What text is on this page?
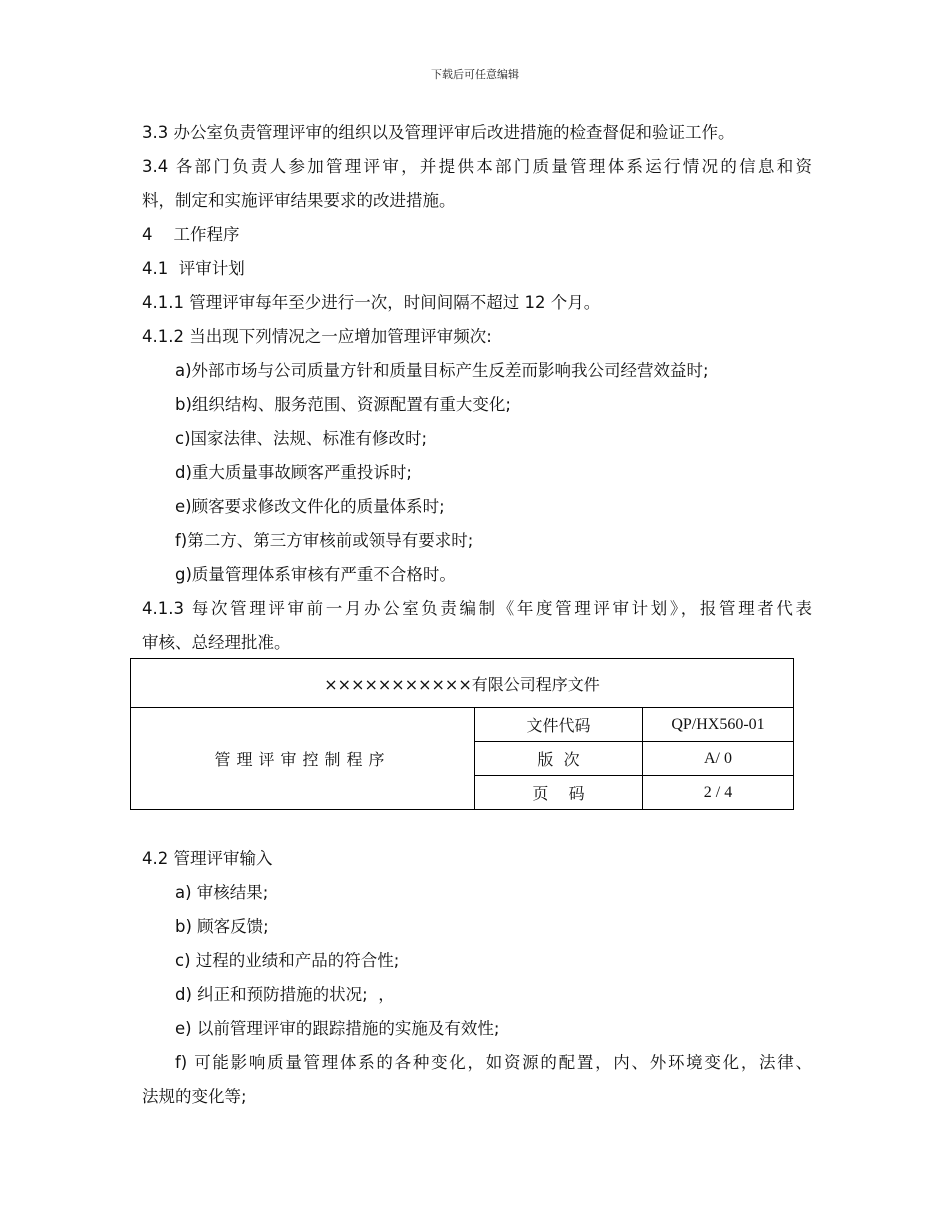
下载后可任意编辑
3.3 办公室负责管理评审的组织以及管理评审后改进措施的检查督促和验证工作。
3.4 各部门负责人参加管理评审，并提供本部门质量管理体系运行情况的信息和资
料，制定和实施评审结果要求的改进措施。
4    工作程序
4.1  评审计划
4.1.1 管理评审每年至少进行一次，时间间隔不超过 12 个月。
4.1.2 当出现下列情况之一应增加管理评审频次:
a)外部市场与公司质量方针和质量目标产生反差而影响我公司经营效益时;
b)组织结构、服务范围、资源配置有重大变化;
c)国家法律、法规、标准有修改时;
d)重大质量事故顾客严重投诉时;
e)顾客要求修改文件化的质量体系时;
f)第二方、第三方审核前或领导有要求时;
g)质量管理体系审核有严重不合格时。
4.1.3 每次管理评审前一月办公室负责编制《年度管理评审计划》，报管理者代表
审核、总经理批准。
×××××××××××有限公司程序文件		
管理评审控制程序	文件代码	QP/HX560-01
	版  次	A/ 0
	页    码	2 / 4
4.2 管理评审输入
a) 审核结果;
b) 顾客反馈;
c) 过程的业绩和产品的符合性;
d) 纠正和预防措施的状况;  ，
e) 以前管理评审的跟踪措施的实施及有效性;
f) 可能影响质量管理体系的各种变化，如资源的配置，内、外环境变化，法律、
法规的变化等;
